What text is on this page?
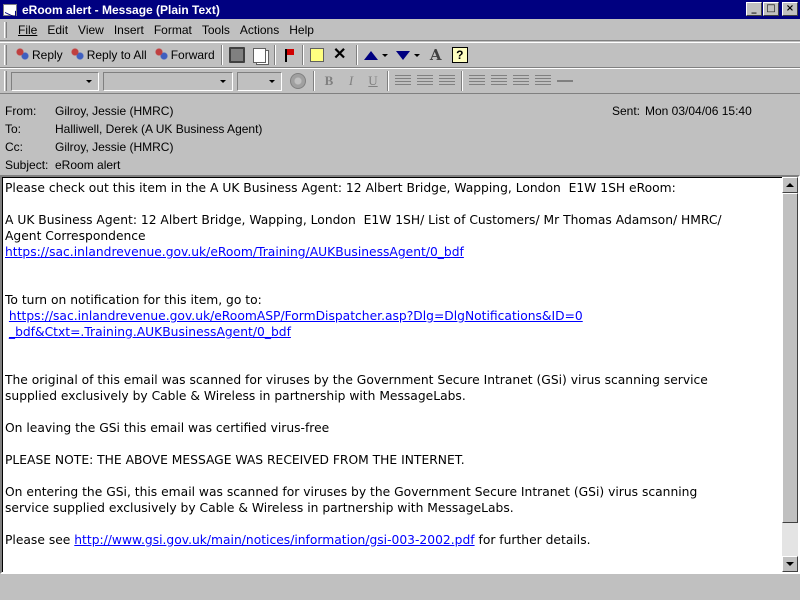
eRoom alert - Message (Plain Text)	_ □	×
File Edit View Insert Format Tools Actions Help
Reply Reply to All Forward	✕	A	?
B	I	U
From:	Gilroy, Jessie (HMRC)
To:	Halliwell, Derek (A UK Business Agent)
Cc:	Gilroy, Jessie (HMRC)
Subject: eRoom alert
Sent: Mon 03/04/06 15:40
Please check out this item in the A UK Business Agent: 12 Albert Bridge, Wapping, London  E1W 1SH eRoom:

A UK Business Agent: 12 Albert Bridge, Wapping, London  E1W 1SH/ List of Customers/ Mr Thomas Adamson/ HMRC/
Agent Correspondence
https://sac.inlandrevenue.gov.uk/eRoom/Training/AUKBusinessAgent/0_bdf

To turn on notification for this item, go to:
https://sac.inlandrevenue.gov.uk/eRoomASP/FormDispatcher.asp?Dlg=DlgNotifications&ID=0
_bdf&Ctxt=.Training.AUKBusinessAgent/0_bdf

The original of this email was scanned for viruses by the Government Secure Intranet (GSi) virus scanning service
supplied exclusively by Cable & Wireless in partnership with MessageLabs.

On leaving the GSi this email was certified virus-free

PLEASE NOTE: THE ABOVE MESSAGE WAS RECEIVED FROM THE INTERNET.

On entering the GSi, this email was scanned for viruses by the Government Secure Intranet (GSi) virus scanning
service supplied exclusively by Cable & Wireless in partnership with MessageLabs.

Please see http://www.gsi.gov.uk/main/notices/information/gsi-003-2002.pdf for further details.
